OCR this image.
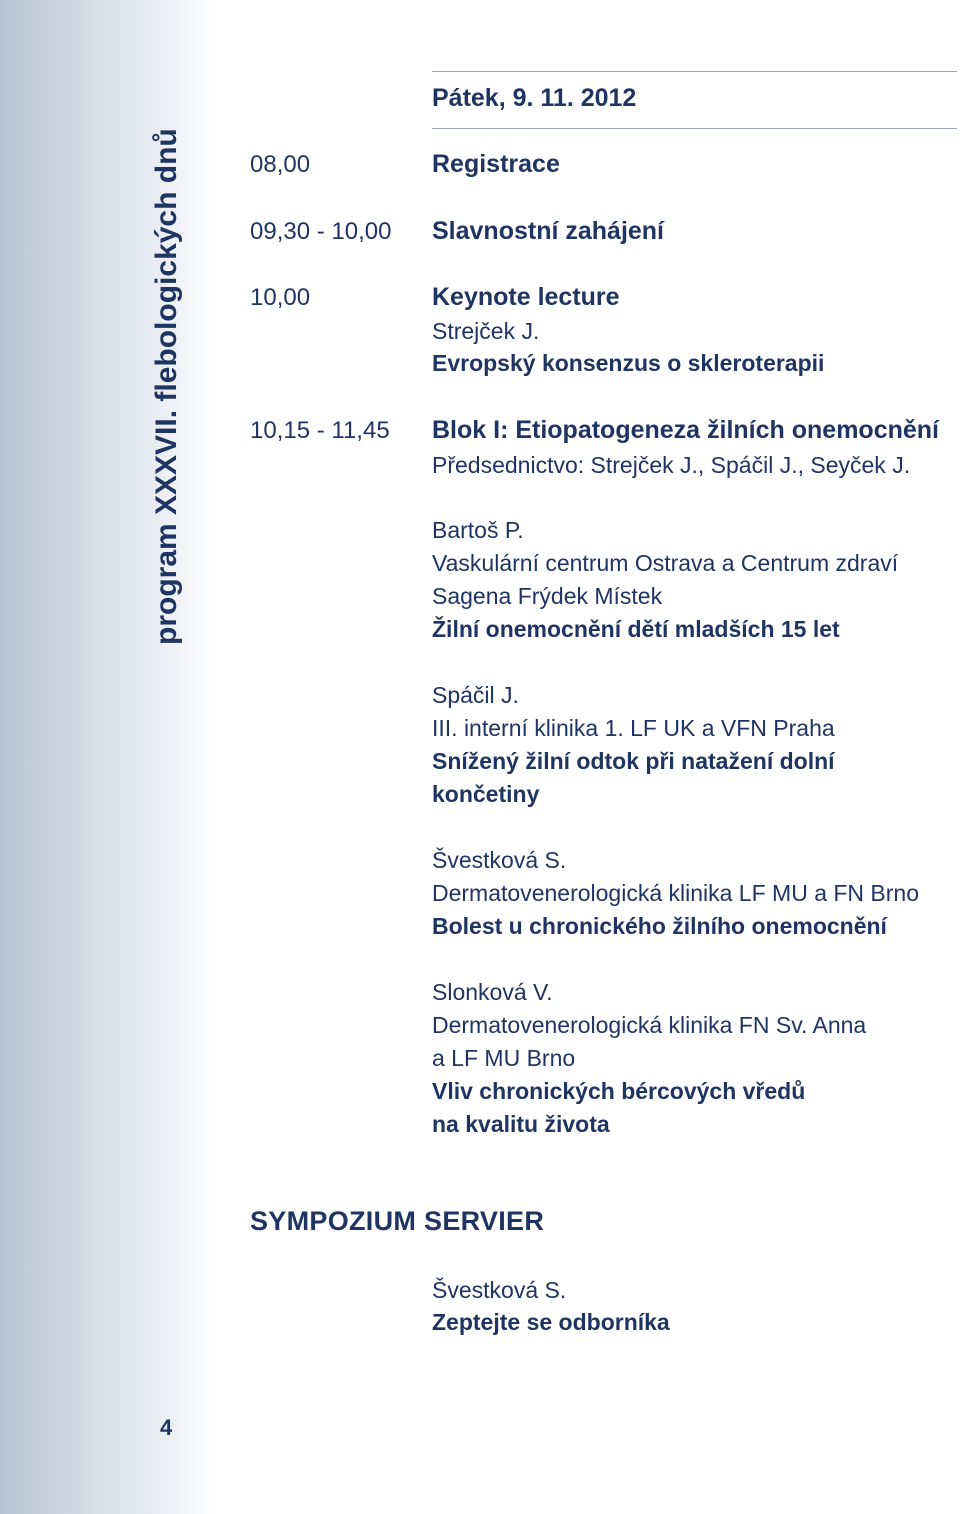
program XXXVII. flebologických dnů
4
Pátek, 9. 11. 2012
08,00	Registrace
09,30 - 10,00 Slavnostní zahájení
10,00	Keynote lecture
Strejček J.
Evropský konsenzus o skleroterapii
10,15 - 11,45 Blok I: Etiopatogeneza žilních onemocnění
Předsednictvo: Strejček J., Spáčil J., Seyček J.
Bartoš P.
Vaskulární centrum Ostrava a Centrum zdraví
Sagena Frýdek Místek
Žilní onemocnění dětí mladších 15 let
Spáčil J.
III. interní klinika 1. LF UK a VFN Praha
Snížený žilní odtok při natažení dolní
končetiny
Švestková S.
Dermatovenerologická klinika LF MU a FN Brno
Bolest u chronického žilního onemocnění
Slonková V.
Dermatovenerologická klinika FN Sv. Anna
a LF MU Brno
Vliv chronických bércových vředů
na kvalitu života
SYMPOZIUM SERVIER
Švestková S.
Zeptejte se odborníka
